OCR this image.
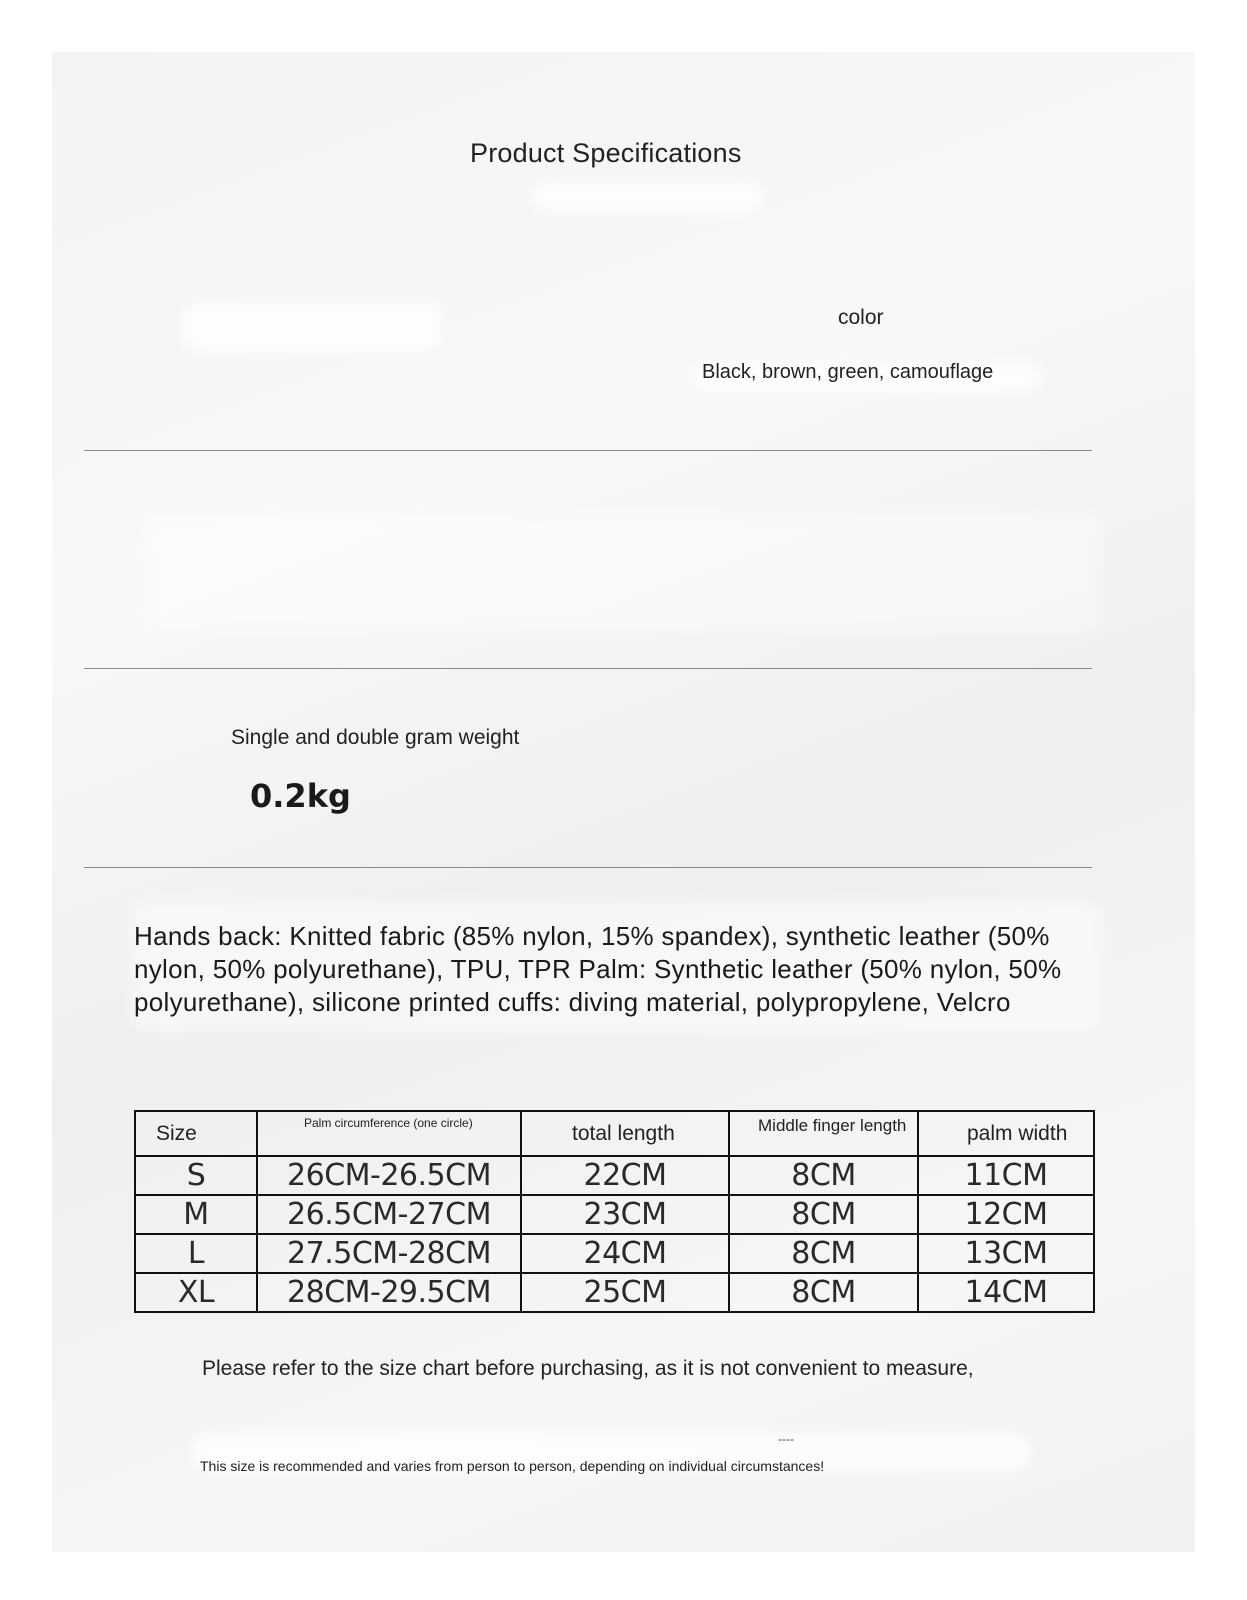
Product Specifications
color
Black, brown, green, camouflage
Single and double gram weight
0.2kg
Hands back: Knitted fabric (85% nylon, 15% spandex), synthetic leather (50% nylon, 50% polyurethane), TPU, TPR Palm: Synthetic leather (50% nylon, 50% polyurethane), silicone printed cuffs: diving material, polypropylene, Velcro
Size	Palm circumference (one circle)	total length	Middle finger length	palm width
S	26CM-26.5CM	22CM	8CM	11CM
M	26.5CM-27CM	23CM	8CM	12CM
L	27.5CM-28CM	24CM	8CM	13CM
XL	28CM-29.5CM	25CM	8CM	14CM
Please refer to the size chart before purchasing, as it is not convenient to measure,
----
This size is recommended and varies from person to person, depending on individual circumstances!
